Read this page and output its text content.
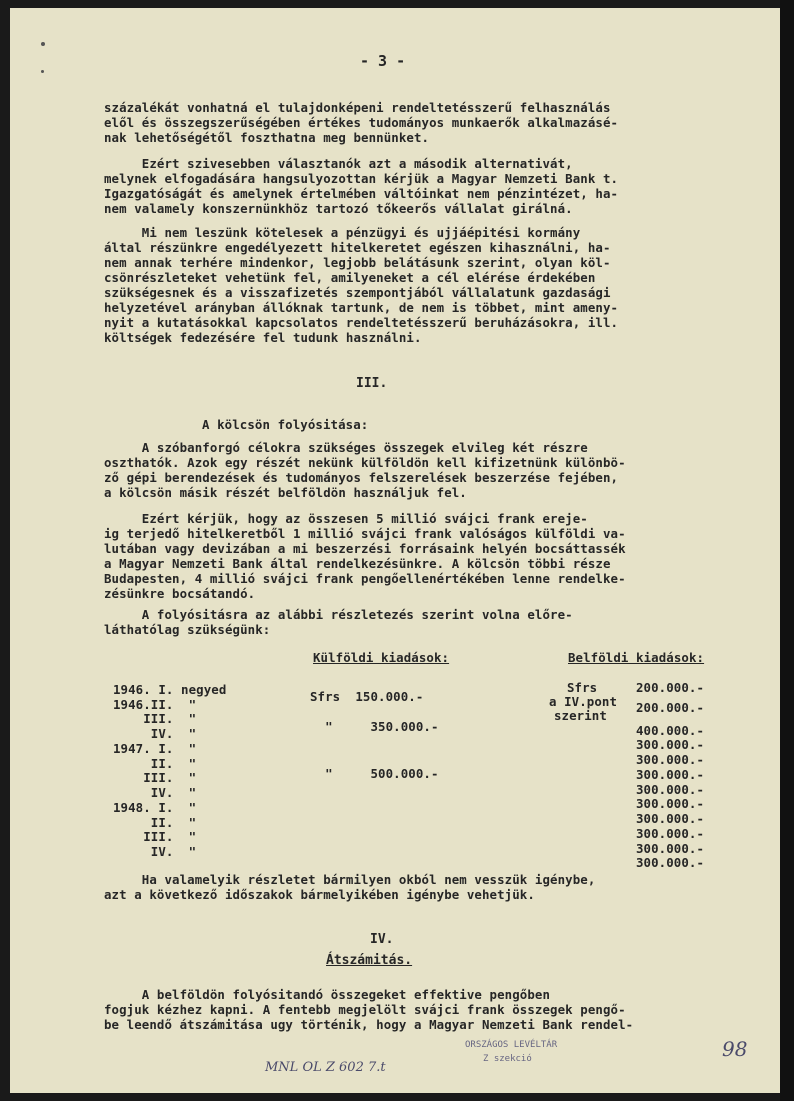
- 3 -
százalékát vonhatná el tulajdonképeni rendeltetésszerű felhasználás
elől és összegszerűségében értékes tudományos munkaerők alkalmazásé-
nak lehetőségétől foszthatna meg bennünket.
Ezért szivesebben választanók azt a második alternativát,
melynek elfogadására hangsulyozottan kérjük a Magyar Nemzeti Bank t.
Igazgatóságát és amelynek értelmében váltóinkat nem pénzintézet, ha-
nem valamely konszernünkhöz tartozó tőkeerős vállalat girálná.
Mi nem leszünk kötelesek a pénzügyi és ujjáépitési kormány
által részünkre engedélyezett hitelkeretet egészen kihasználni, ha-
nem annak terhére mindenkor, legjobb belátásunk szerint, olyan köl-
csönrészleteket vehetünk fel, amilyeneket a cél elérése érdekében
szükségesnek és a visszafizetés szempontjából vállalatunk gazdasági
helyzetével arányban állóknak tartunk, de nem is többet, mint ameny-
nyit a kutatásokkal kapcsolatos rendeltetésszerű beruházásokra, ill.
költségek fedezésére fel tudunk használni.
III.
A kölcsön folyósitása:
A szóbanforgó célokra szükséges összegek elvileg két részre
oszthatók. Azok egy részét nekünk külföldön kell kifizetnünk különbö-
ző gépi berendezések és tudományos felszerelések beszerzése fejében,
a kölcsön másik részét belföldön használjuk fel.
Ezért kérjük, hogy az összesen 5 millió svájci frank ereje-
ig terjedő hitelkeretből 1 millió svájci frank valóságos külföldi va-
lutában vagy devizában a mi beszerzési forrásaink helyén bocsáttassék
a Magyar Nemzeti Bank által rendelkezésünkre. A kölcsön többi része
Budapesten, 4 millió svájci frank pengőellenértékében lenne rendelke-
zésünkre bocsátandó.
A folyósitásra az alábbi részletezés szerint volna előre-
láthatólag szükségünk:
Külföldi kiadások:	Belföldi kiadások:
Sfrs
a IV.pont
szerint
Ha valamelyik részletet bármilyen okból nem vesszük igénybe,
azt a következő időszakok bármelyikében igénybe vehetjük.
IV.
Átszámitás.
A belföldön folyósitandó összegeket effektive pengőben
fogjuk kézhez kapni. A fentebb megjelölt svájci frank összegek pengő-
be leendő átszámitása ugy történik, hogy a Magyar Nemzeti Bank rendel-
ORSZÁGOS LEVÉLTÁR
Z szekció
MNL OL Z 602 7.t
98
1946. I. negyed
1946.II.  "
III.  "
IV.  "
1947. I.  "
II.  "
III.  "
IV.  "
1948. I.  "
II.  "
III.  "
IV.  "
Sfrs  150.000.-
"     350.000.-
"     500.000.-
200.000.-
200.000.-
400.000.-
300.000.-
300.000.-
300.000.-
300.000.-
300.000.-
300.000.-
300.000.-
300.000.-
300.000.-
